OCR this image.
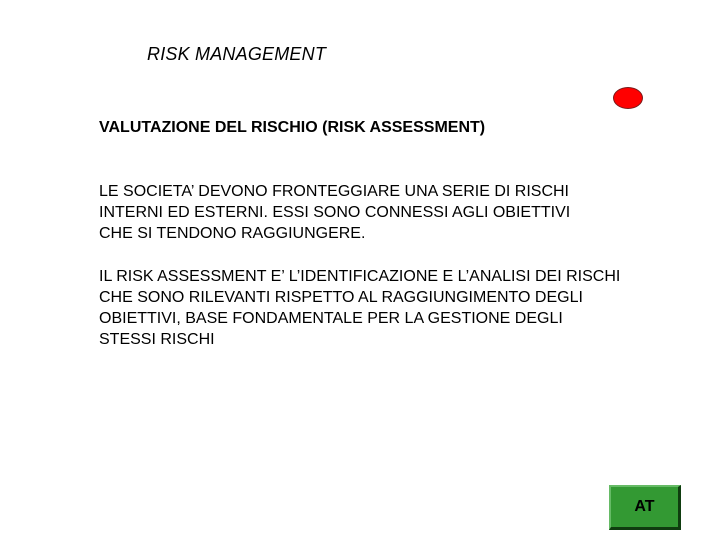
RISK MANAGEMENT
VALUTAZIONE DEL RISCHIO (RISK ASSESSMENT)
LE SOCIETA’ DEVONO FRONTEGGIARE UNA SERIE DI RISCHI
INTERNI ED ESTERNI. ESSI SONO CONNESSI AGLI OBIETTIVI
CHE SI TENDONO RAGGIUNGERE.
IL RISK ASSESSMENT E’ L’IDENTIFICAZIONE E L’ANALISI DEI RISCHI
CHE SONO RILEVANTI RISPETTO AL RAGGIUNGIMENTO DEGLI
OBIETTIVI, BASE FONDAMENTALE PER LA GESTIONE DEGLI
STESSI RISCHI
AT
